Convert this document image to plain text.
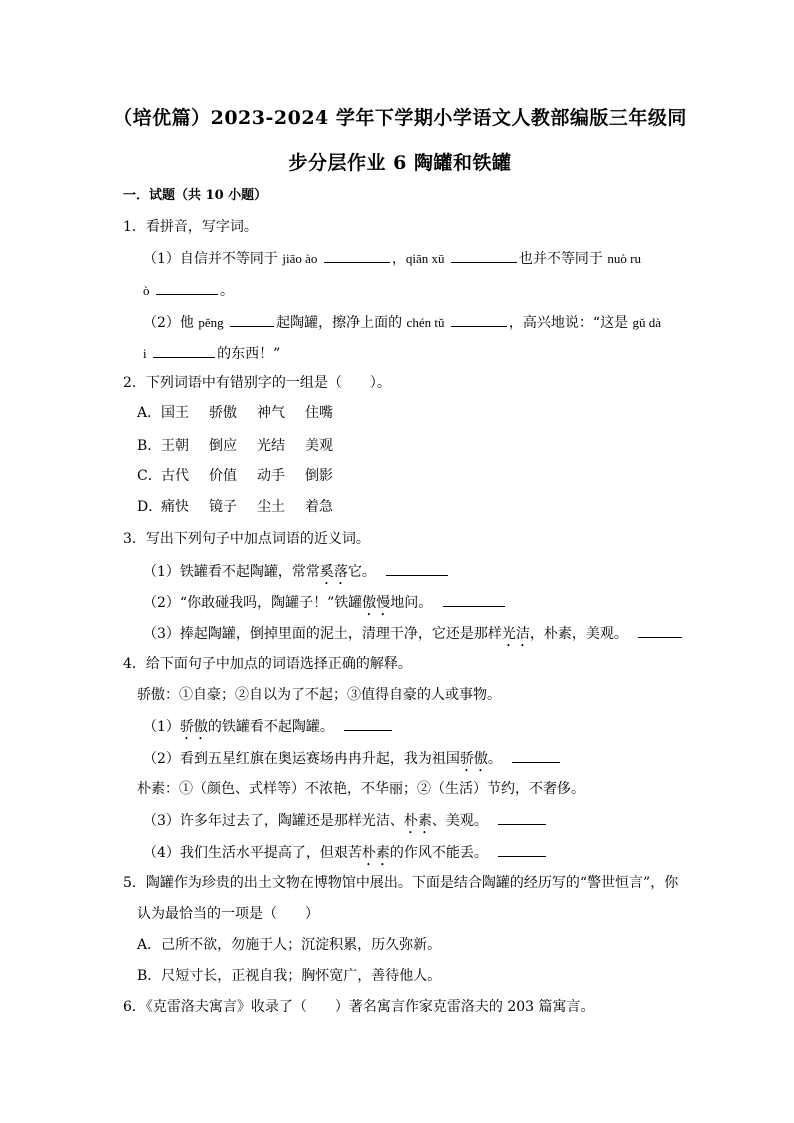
（培优篇）2023-2024 学年下学期小学语文人教部编版三年级同
步分层作业 6 陶罐和铁罐
一．试题（共 10 小题）
1．看拼音，写字词。
（1）自信并不等同于 jiāo ào	，qiān xū	也并不等同于 nuò ru
ò	。
（2）他 pěng	起陶罐，擦净上面的 chén tǔ	，高兴地说：“这是 gǔ dà
i	的东西！”
2．下列词语中有错别字的一组是（　　）。
A．国王 骄傲 神气 住嘴
B．王朝 倒应 光结 美观
C．古代 价值 动手 倒影
D．痛快 镜子 尘土 着急
3．写出下列句子中加点词语的近义词。
（1）铁罐看不起陶罐，常常奚落它。
（2）“你敢碰我吗，陶罐子！”铁罐傲慢地问。
（3）捧起陶罐，倒掉里面的泥土，清理干净，它还是那样光洁，朴素，美观。
4．给下面句子中加点的词语选择正确的解释。
骄傲：①自豪；②自以为了不起；③值得自豪的人或事物。
（1）骄傲的铁罐看不起陶罐。
（2）看到五星红旗在奥运赛场冉冉升起，我为祖国骄傲。
朴素：①（颜色、式样等）不浓艳，不华丽；②（生活）节约，不奢侈。
（3）许多年过去了，陶罐还是那样光洁、朴素、美观。
（4）我们生活水平提高了，但艰苦朴素的作风不能丢。
5．陶罐作为珍贵的出土文物在博物馆中展出。下面是结合陶罐的经历写的“警世恒言”，你
认为最恰当的一项是（　　）
A．己所不欲，勿施于人；沉淀积累，历久弥新。
B．尺短寸长，正视自我；胸怀宽广，善待他人。
6．《克雷洛夫寓言》收录了（　　）著名寓言作家克雷洛夫的 203 篇寓言。
